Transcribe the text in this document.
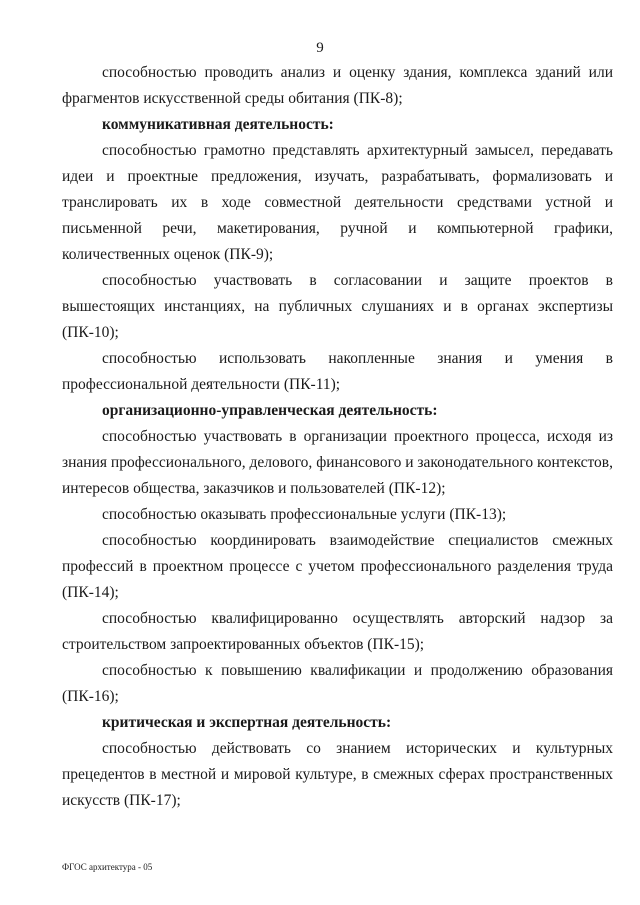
9

способностью проводить анализ и оценку здания, комплекса зданий или фрагментов искусственной среды обитания (ПК-8);

коммуникативная деятельность:

способностью грамотно представлять архитектурный замысел, передавать идеи и проектные предложения, изучать, разрабатывать, формализовать и транслировать их в ходе совместной деятельности средствами устной и письменной речи, макетирования, ручной и компьютерной графики, количественных оценок (ПК-9);

способностью участвовать в согласовании и защите проектов в вышестоящих инстанциях, на публичных слушаниях и в органах экспертизы (ПК-10);

способностью использовать накопленные знания и умения в профессиональной деятельности (ПК-11);

организационно-управленческая деятельность:

способностью участвовать в организации проектного процесса, исходя из знания профессионального, делового, финансового и законодательного контекстов, интересов общества, заказчиков и пользователей (ПК-12);

способностью оказывать профессиональные услуги (ПК-13);

способностью координировать взаимодействие специалистов смежных профессий в проектном процессе с учетом профессионального разделения труда (ПК-14);

способностью квалифицированно осуществлять авторский надзор за строительством запроектированных объектов (ПК-15);

способностью к повышению квалификации и продолжению образования (ПК-16);

критическая и экспертная деятельность:

способностью действовать со знанием исторических и культурных прецедентов в местной и мировой культуре, в смежных сферах пространственных искусств (ПК-17);

ФГОС архитектура - 05
